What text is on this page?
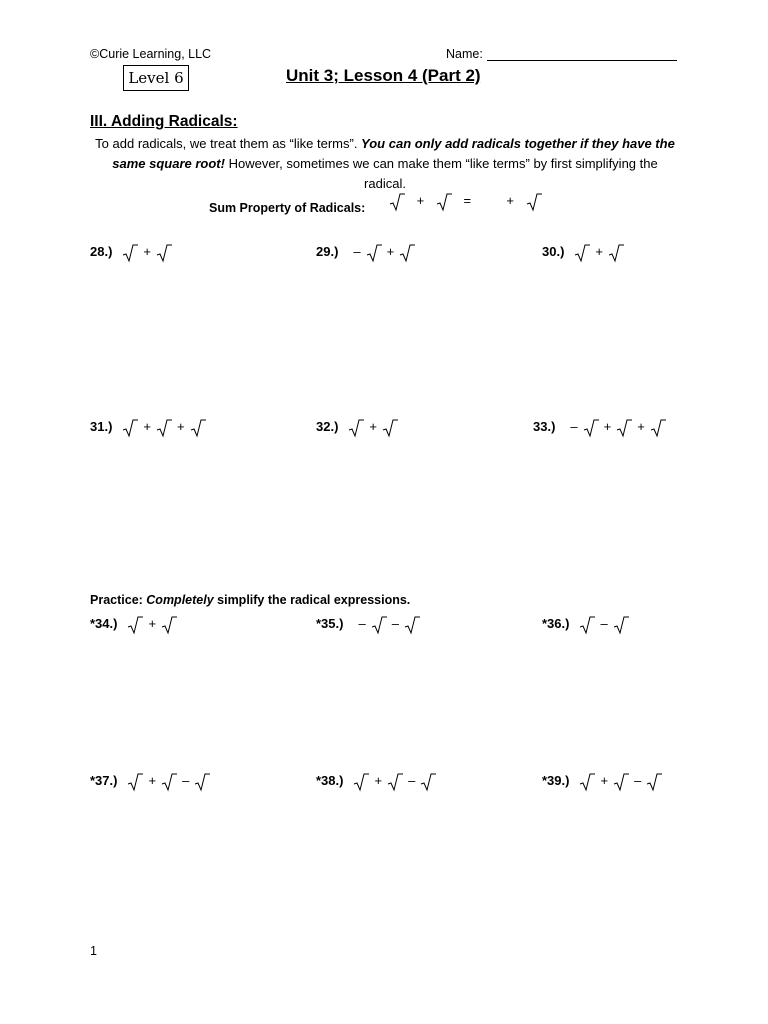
©Curie Learning, LLC	Name:
Level 6	Unit 3; Lesson 4 (Part 2)
III. Adding Radicals:

To add radicals, we treat them as “like terms”. You can only add radicals together if they have the same square root! However, sometimes we can make them “like terms” by first simplifying the radical.

Sum Property of Radicals:	+	=	+
28.) +	29.) – +	30.) +
31.) + +	32.) +	33.) – + +
Practice: Completely simplify the radical expressions.
*34.) +	*35.) – –	*36.) –
*37.) + –	*38.) + –	*39.) + –
1
